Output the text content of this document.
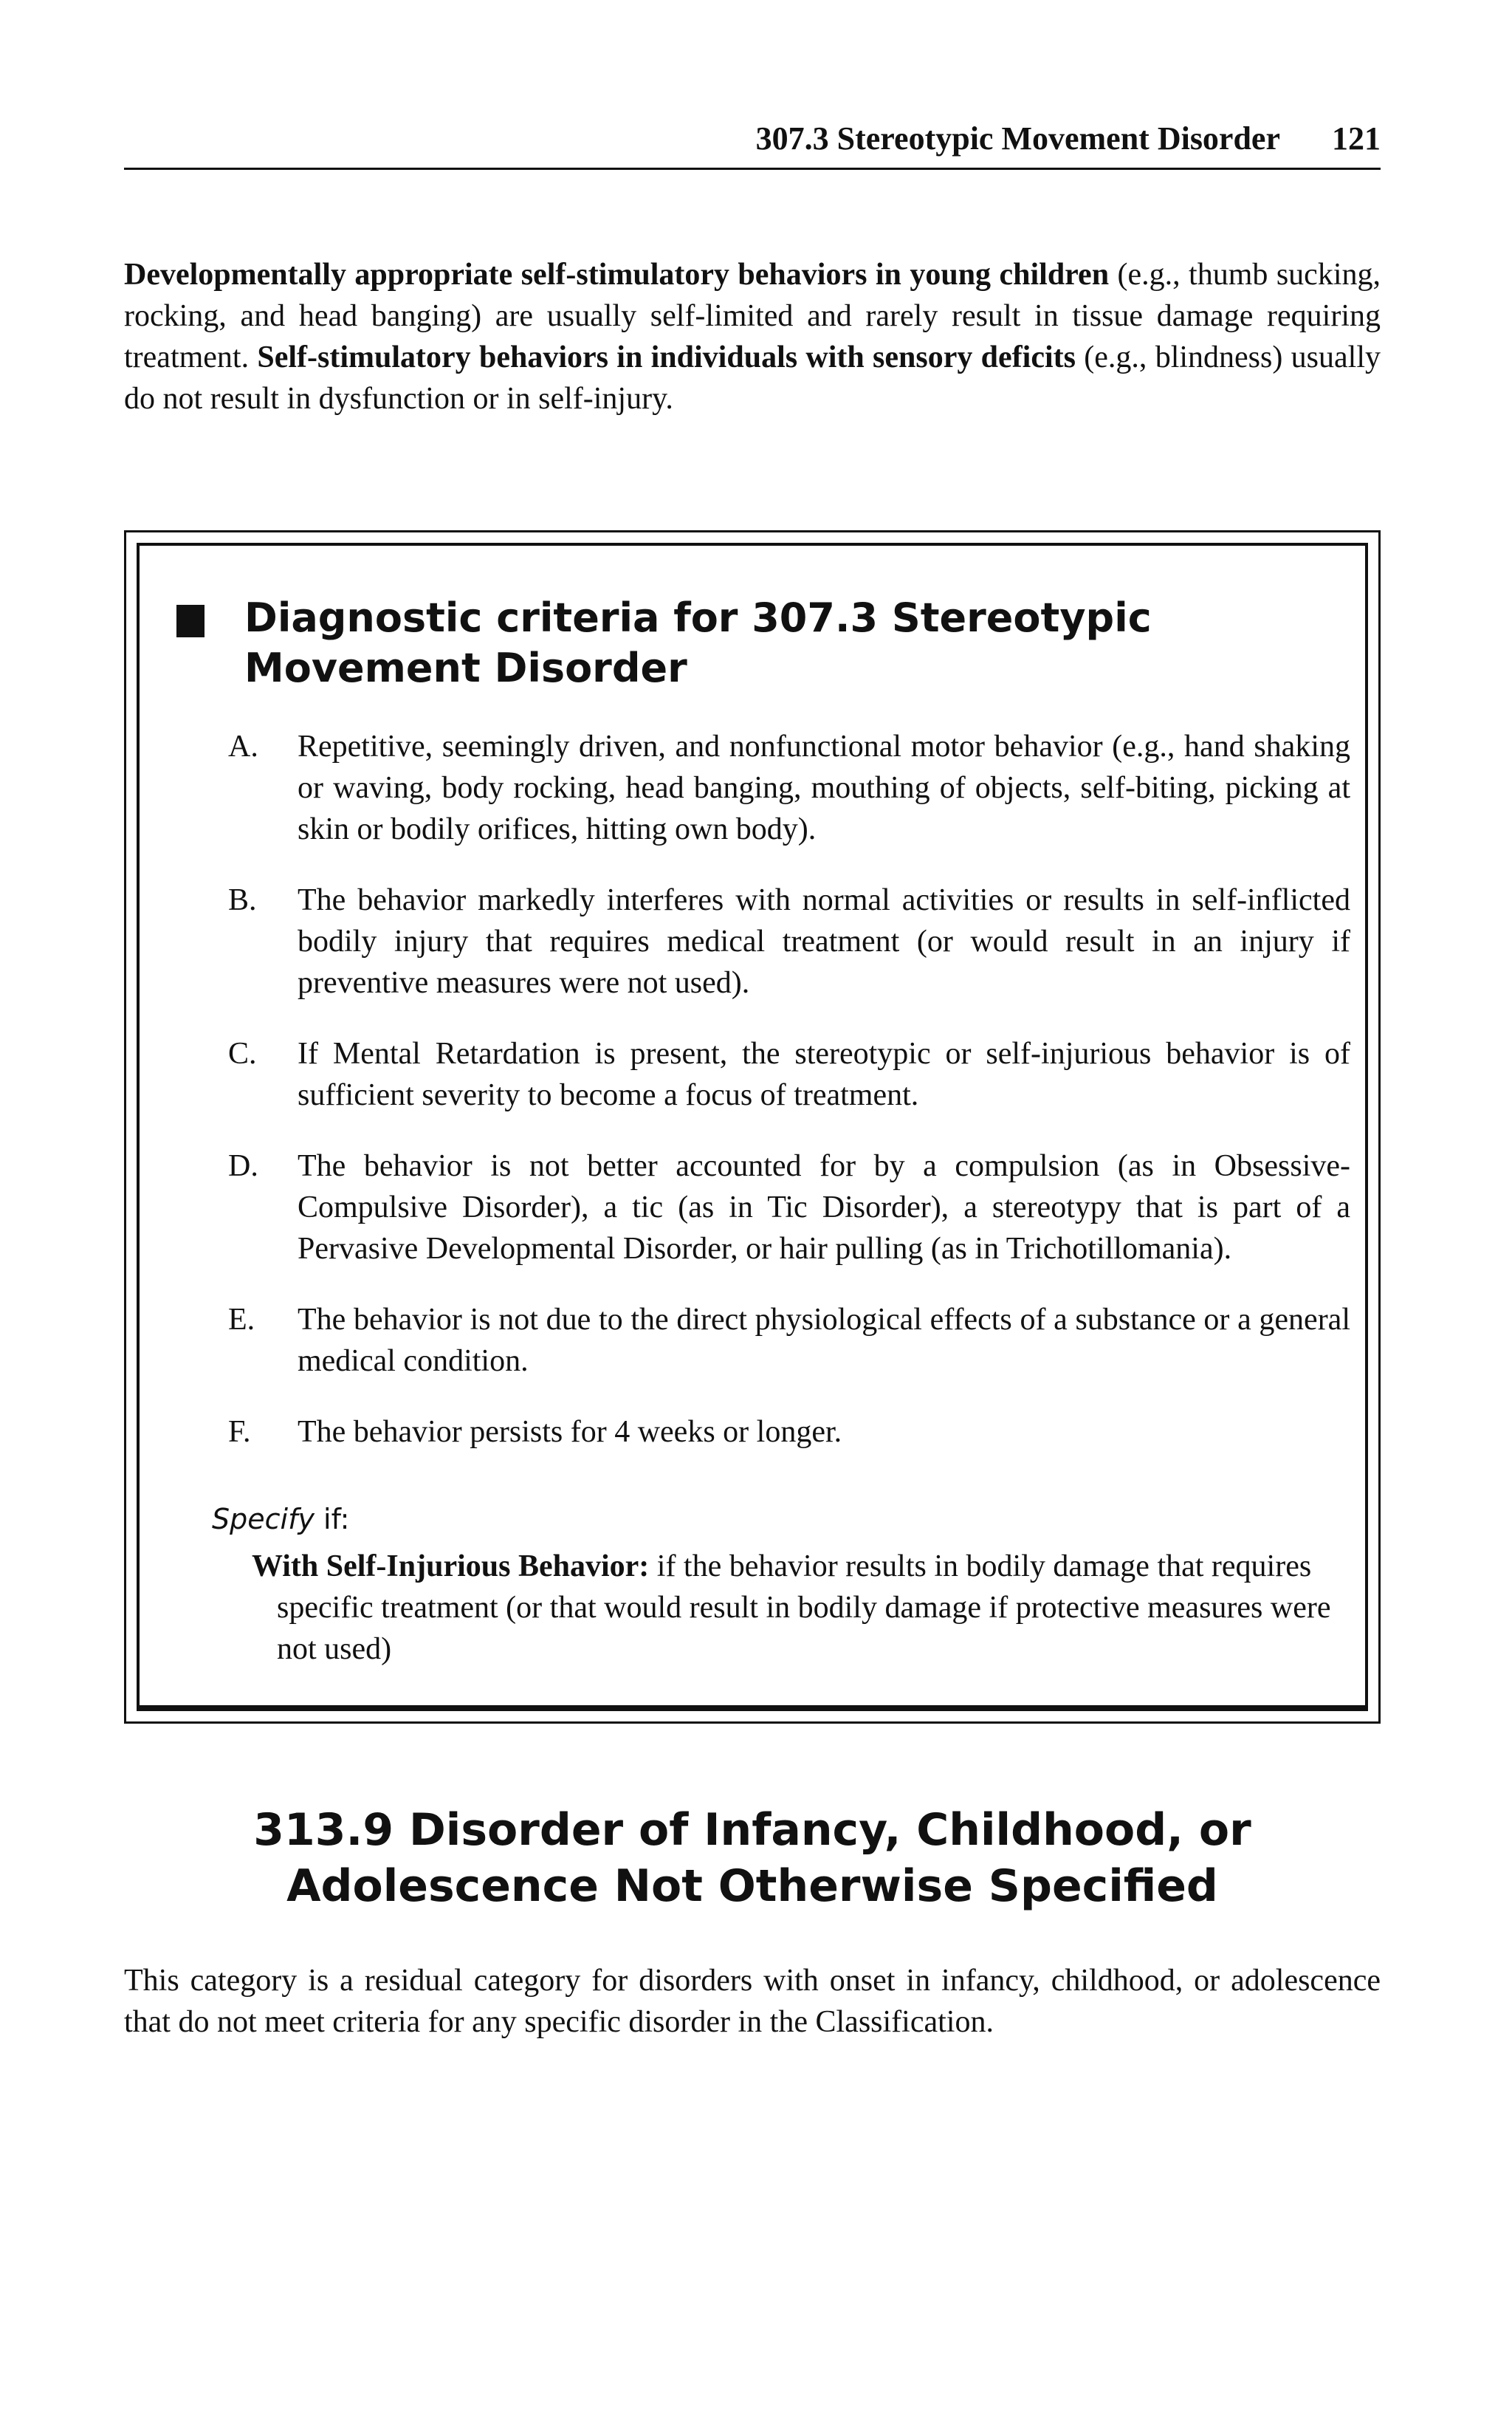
307.3 Stereotypic Movement Disorder 121
Developmentally appropriate self-stimulatory behaviors in young children (e.g., thumb sucking, rocking, and head banging) are usually self-limited and rarely result in tissue damage requiring treatment. Self-stimulatory behaviors in individuals with sensory deficits (e.g., blindness) usually do not result in dysfunction or in self-injury.
Diagnostic criteria for 307.3 Stereotypic Movement Disorder
A. Repetitive, seemingly driven, and nonfunctional motor behavior (e.g., hand shaking or waving, body rocking, head banging, mouthing of objects, self-biting, picking at skin or bodily orifices, hitting own body).
B. The behavior markedly interferes with normal activities or results in self-inflicted bodily injury that requires medical treatment (or would result in an injury if preventive measures were not used).
C. If Mental Retardation is present, the stereotypic or self-injurious behavior is of sufficient severity to become a focus of treatment.
D. The behavior is not better accounted for by a compulsion (as in Obsessive-Compulsive Disorder), a tic (as in Tic Disorder), a stereotypy that is part of a Pervasive Developmental Disorder, or hair pulling (as in Trichotillomania).
E. The behavior is not due to the direct physiological effects of a substance or a general medical condition.
F. The behavior persists for 4 weeks or longer.
Specify if:
With Self-Injurious Behavior: if the behavior results in bodily damage that requires specific treatment (or that would result in bodily damage if protective measures were not used)
313.9 Disorder of Infancy, Childhood, or Adolescence Not Otherwise Specified
This category is a residual category for disorders with onset in infancy, childhood, or adolescence that do not meet criteria for any specific disorder in the Classification.
